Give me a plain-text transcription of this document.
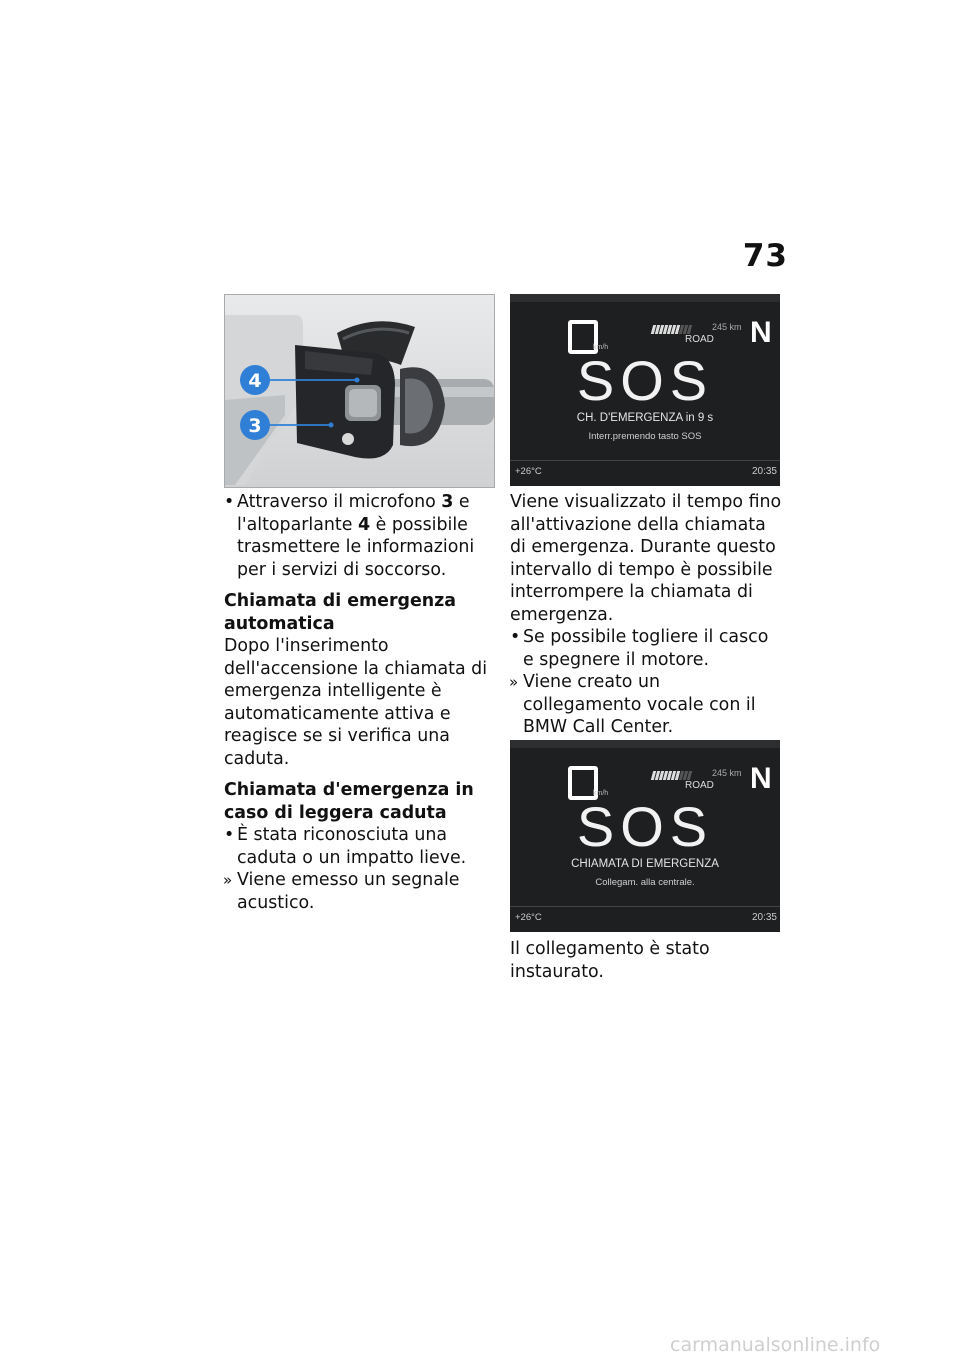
73
4
3

• Attraverso il microfono 3 e l'altoparlante 4 è possibile trasmettere le informazioni per i servizi di soccorso.

Chiamata di emergenza automatica

Dopo l'inserimento dell'accensione la chiamata di emergenza intelligente è automaticamente attiva e reagisce se si verifica una caduta.

Chiamata d'emergenza in caso di leggera caduta

• È stata riconosciuta una caduta o un impatto lieve.

» Viene emesso un segnale acustico.

km/h
245 km
ROAD N
SOS
CH. D'EMERGENZA in 9 s
Interr.premendo tasto SOS
+26°C	20:35

Viene visualizzato il tempo fino all'attivazione della chiamata di emergenza. Durante questo intervallo di tempo è possibile interrompere la chiamata di emergenza.

• Se possibile togliere il casco e spegnere il motore.

» Viene creato un collegamento vocale con il BMW Call Center.

km/h
245 km
ROAD N
SOS
CHIAMATA DI EMERGENZA
Collegam. alla centrale.
+26°C	20:35

Il collegamento è stato instaurato.

carmanualsonline.info
